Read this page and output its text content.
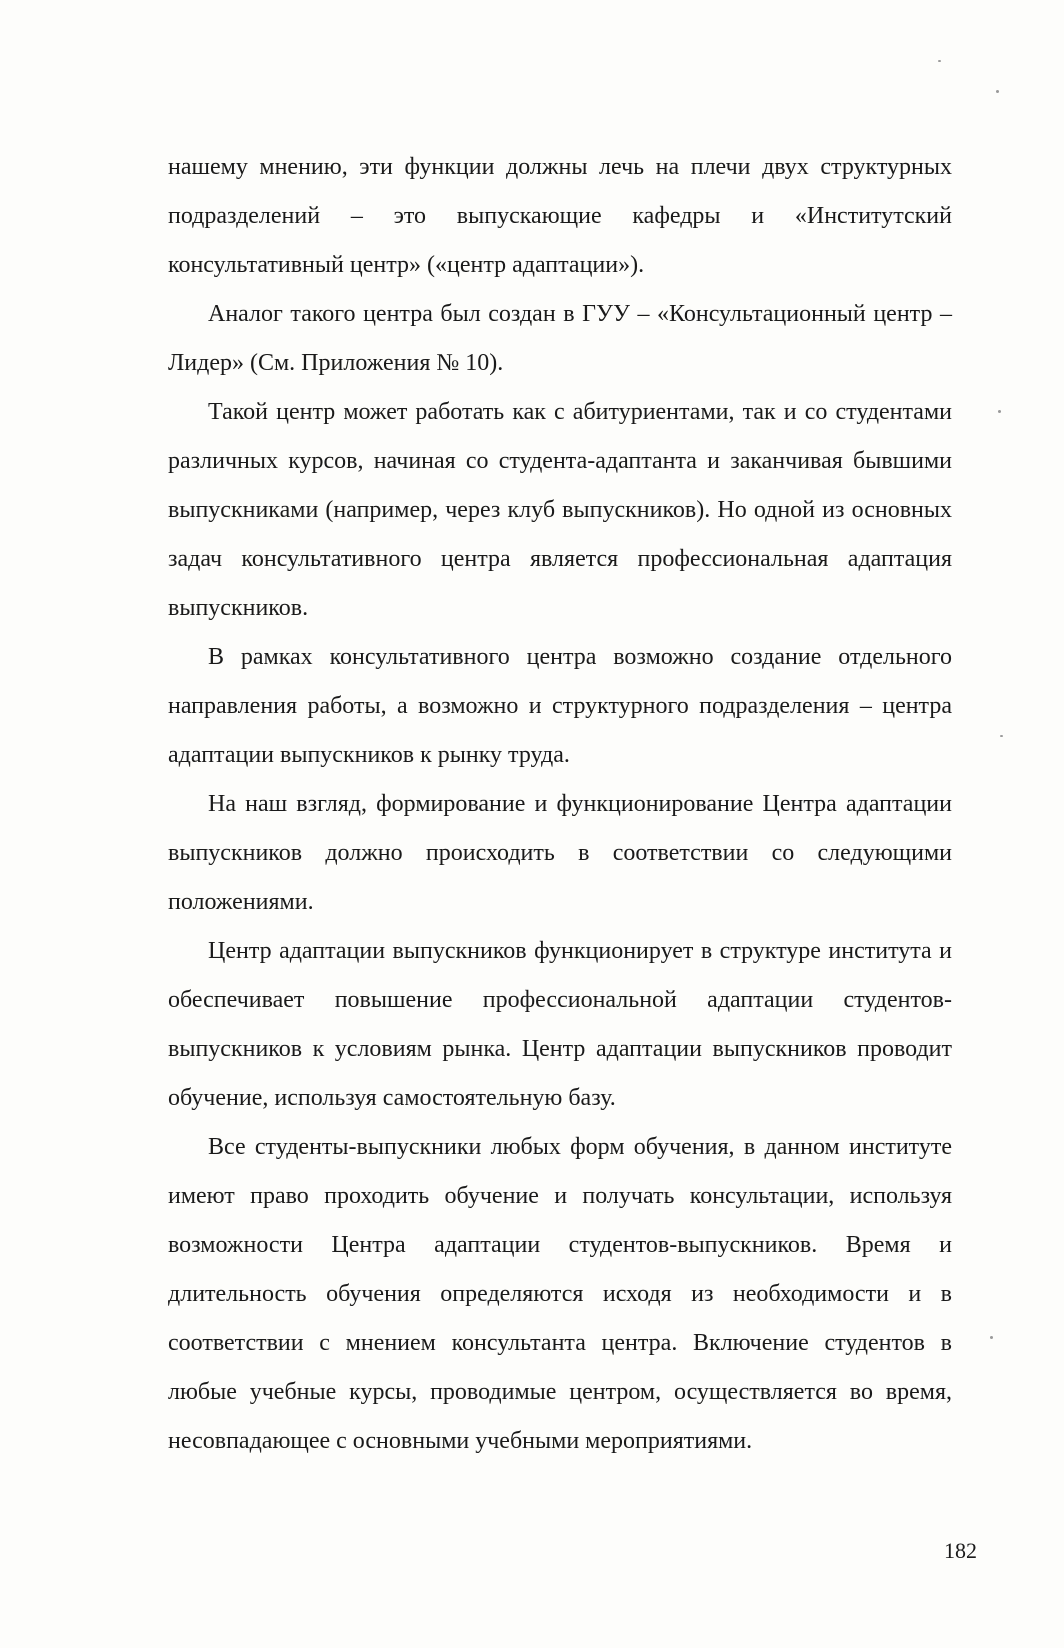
нашему мнению, эти функции должны лечь на плечи двух структурных подразделений – это выпускающие кафедры и «Институтский консультативный центр» («центр адаптации»).

Аналог такого центра был создан в ГУУ – «Консультационный центр – Лидер» (См. Приложения № 10).

Такой центр может работать как с абитуриентами, так и со студентами различных курсов, начиная со студента-адаптанта и заканчивая бывшими выпускниками (например, через клуб выпускников). Но одной из основных задач консультативного центра является профессиональная адаптация выпускников.

В рамках консультативного центра возможно создание отдельного направления работы, а возможно и структурного подразделения – центра адаптации выпускников к рынку труда.

На наш взгляд, формирование и функционирование Центра адаптации выпускников должно происходить в соответствии со следующими положениями.

Центр адаптации выпускников функционирует в структуре института и обеспечивает повышение профессиональной адаптации студентов-выпускников к условиям рынка. Центр адаптации выпускников проводит обучение, используя самостоятельную базу.

Все студенты-выпускники любых форм обучения, в данном институте имеют право проходить обучение и получать консультации, используя возможности Центра адаптации студентов-выпускников. Время и длительность обучения определяются исходя из необходимости и в соответствии с мнением консультанта центра. Включение студентов в любые учебные курсы, проводимые центром, осуществляется во время, несовпадающее с основными учебными мероприятиями.

182
